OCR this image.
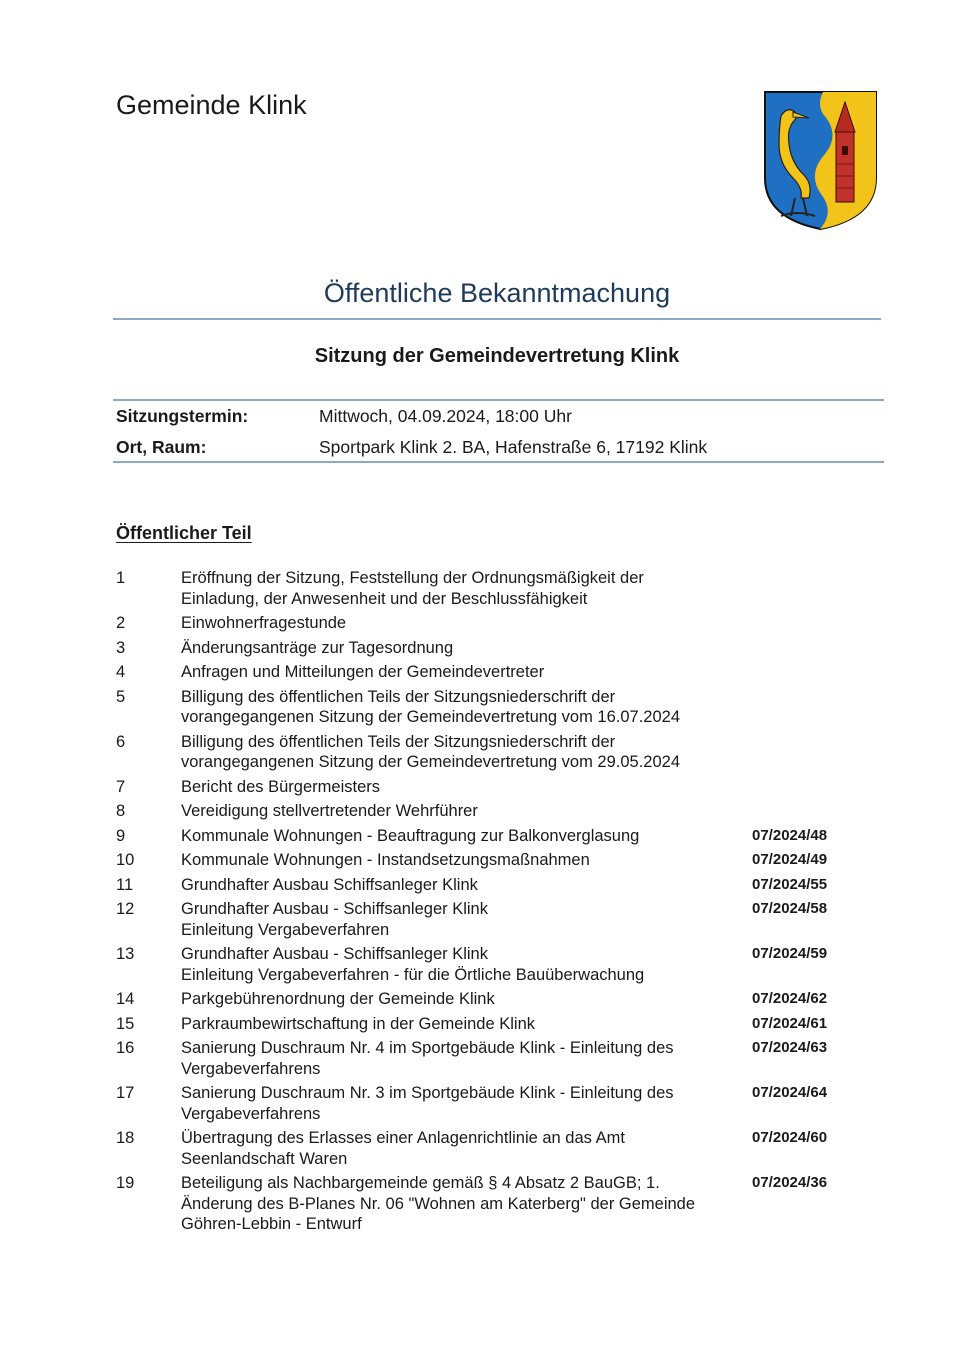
Gemeinde Klink
Öffentliche Bekanntmachung
Sitzung der Gemeindevertretung Klink
Sitzungstermin:	Mittwoch, 04.09.2024, 18:00 Uhr
Ort, Raum:	Sportpark Klink 2. BA, Hafenstraße 6, 17192 Klink
Öffentlicher Teil
1	Eröffnung der Sitzung, Feststellung der Ordnungsmäßigkeit der
Einladung, der Anwesenheit und der Beschlussfähigkeit
2	Einwohnerfragestunde
3	Änderungsanträge zur Tagesordnung
4	Anfragen und Mitteilungen der Gemeindevertreter
5	Billigung des öffentlichen Teils der Sitzungsniederschrift der
vorangegangenen Sitzung der Gemeindevertretung vom 16.07.2024
6	Billigung des öffentlichen Teils der Sitzungsniederschrift der
vorangegangenen Sitzung der Gemeindevertretung vom 29.05.2024
7	Bericht des Bürgermeisters
8	Vereidigung stellvertretender Wehrführer
9	Kommunale Wohnungen - Beauftragung zur Balkonverglasung	07/2024/48
10	Kommunale Wohnungen - Instandsetzungsmaßnahmen	07/2024/49
11	Grundhafter Ausbau Schiffsanleger Klink	07/2024/55
12	Grundhafter Ausbau - Schiffsanleger Klink
Einleitung Vergabeverfahren
07/2024/58
13	Grundhafter Ausbau - Schiffsanleger Klink
Einleitung Vergabeverfahren - für die Örtliche Bauüberwachung
07/2024/59
14	Parkgebührenordnung der Gemeinde Klink	07/2024/62
15	Parkraumbewirtschaftung in der Gemeinde Klink	07/2024/61
16	Sanierung Duschraum Nr. 4 im Sportgebäude Klink - Einleitung des
Vergabeverfahrens
07/2024/63
17	Sanierung Duschraum Nr. 3 im Sportgebäude Klink - Einleitung des
Vergabeverfahrens
07/2024/64
18	Übertragung des Erlasses einer Anlagenrichtlinie an das Amt
Seenlandschaft Waren
07/2024/60
19	Beteiligung als Nachbargemeinde gemäß § 4 Absatz 2 BauGB; 1.
Änderung des B-Planes Nr. 06 "Wohnen am Katerberg" der Gemeinde
Göhren-Lebbin - Entwurf
07/2024/36
